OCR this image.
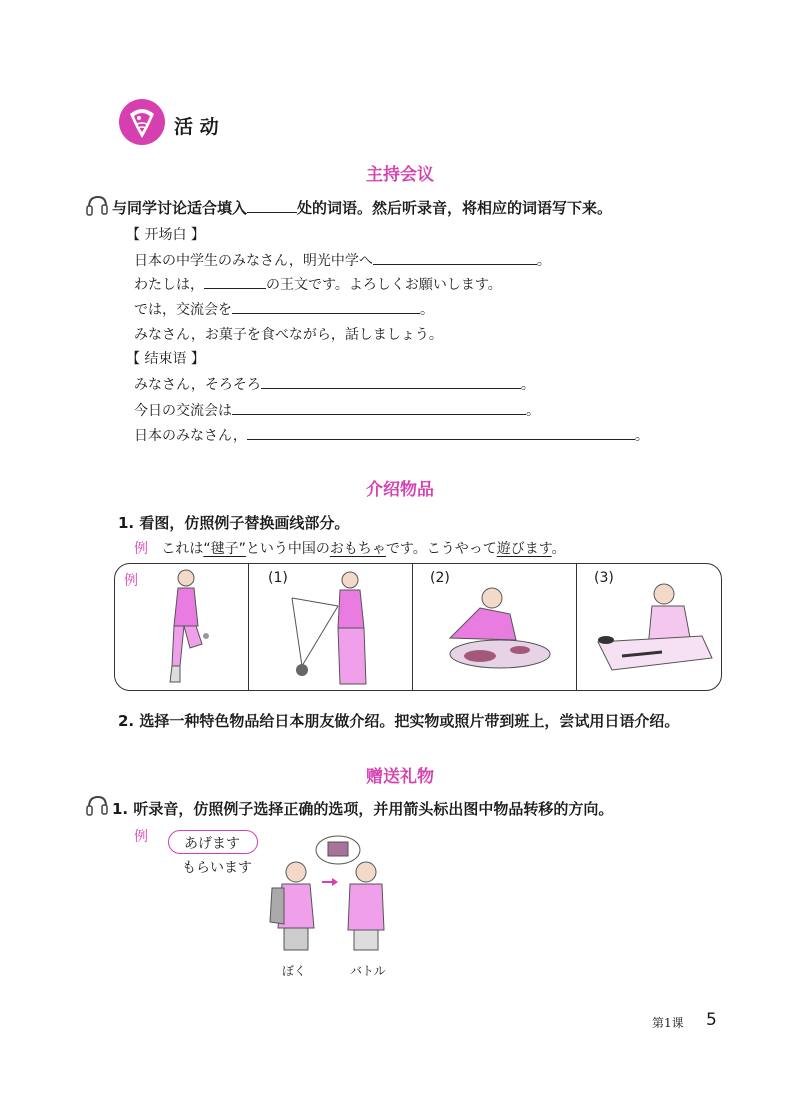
活 动
主持会议
与同学讨论适合填入	处的词语。然后听录音，将相应的词语写下来。
【 开场白 】
日本の中学生のみなさん，明光中学へ	。
わたしは，	の王文です。よろしくお願いします。
では，交流会を	。
みなさん，お菓子を食べながら，話しましょう。
【 结束语 】
みなさん，そろそろ	。
今日の交流会は	。
日本のみなさん，	。
介绍物品
1. 看图，仿照例子替换画线部分。
例 これは“毽子”という中国のおもちゃです。こうやって遊びます。
例	(1)	(2)	(3)
2. 选择一种特色物品给日本朋友做介绍。把实物或照片带到班上，尝试用日语介绍。
赠送礼物
1. 听录音，仿照例子选择正确的选项，并用箭头标出图中物品转移的方向。
例	あげます
もらいます
ぼく	バトル
第1课 5
